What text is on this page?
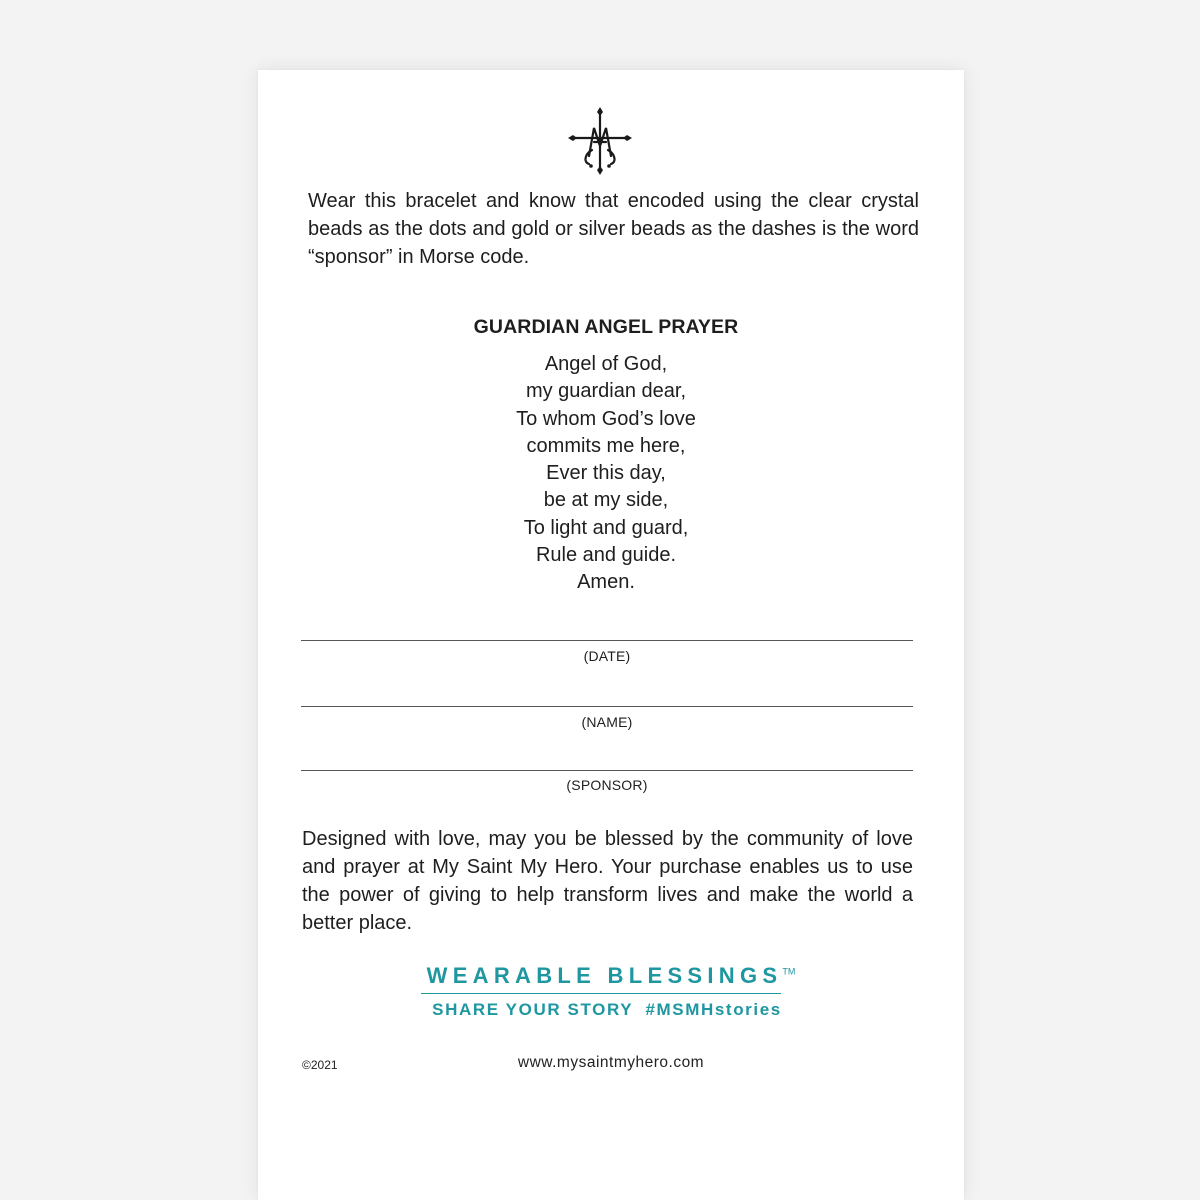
Wear this bracelet and know that encoded using the clear crystal beads as the dots and gold or silver beads as the dashes is the word “sponsor” in Morse code.

GUARDIAN ANGEL PRAYER
Angel of God,
my guardian dear,
To whom God’s love
commits me here,
Ever this day,
be at my side,
To light and guard,
Rule and guide.
Amen.
(DATE)
(NAME)
(SPONSOR)

Designed with love, may you be blessed by the community of love and prayer at My Saint My Hero. Your purchase enables us to use the power of giving to help transform lives and make the world a better place.

WEARABLE BLESSINGS™

SHARE YOUR STORY  #MSMHstories

©2021	www.mysaintmyhero.com
